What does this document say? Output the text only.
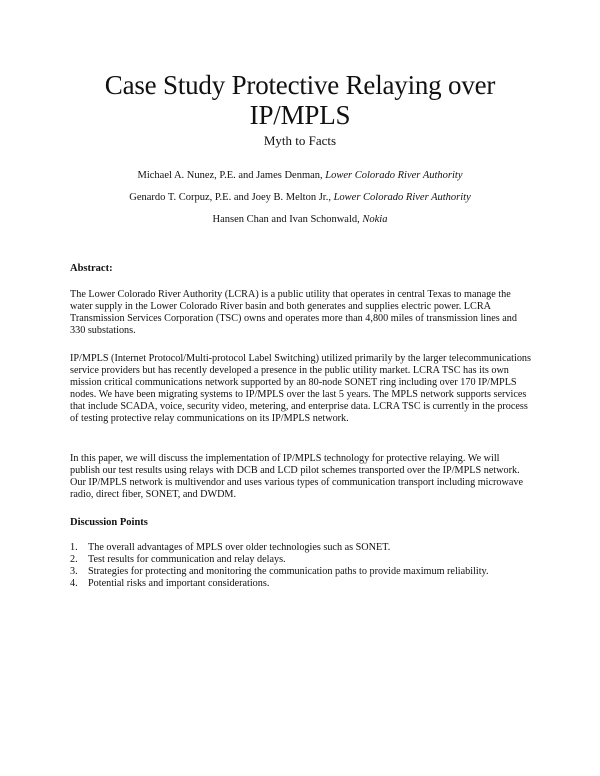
Case Study Protective Relaying over
IP/MPLS
Myth to Facts
Michael A. Nunez, P.E. and James Denman, Lower Colorado River Authority
Genardo T. Corpuz, P.E. and Joey B. Melton Jr., Lower Colorado River Authority
Hansen Chan and Ivan Schonwald, Nokia
Abstract:

The Lower Colorado River Authority (LCRA) is a public utility that operates in central Texas to manage the water supply in the Lower Colorado River basin and both generates and supplies electric power. LCRA Transmission Services Corporation (TSC) owns and operates more than 4,800 miles of transmission lines and 330 substations.

IP/MPLS (Internet Protocol/Multi-protocol Label Switching) utilized primarily by the larger telecommunications service providers but has recently developed a presence in the public utility market. LCRA TSC has its own mission critical communications network supported by an 80-node SONET ring including over 170 IP/MPLS nodes. We have been migrating systems to IP/MPLS over the last 5 years. The MPLS network supports services that include SCADA, voice, security video, metering, and enterprise data. LCRA TSC is currently in the process of testing protective relay communications on its IP/MPLS network.

In this paper, we will discuss the implementation of IP/MPLS technology for protective relaying. We will publish our test results using relays with DCB and LCD pilot schemes transported over the IP/MPLS network. Our IP/MPLS network is multivendor and uses various types of communication transport including microwave radio, direct fiber, SONET, and DWDM.

Discussion Points
1.	The overall advantages of MPLS over older technologies such as SONET.
2.	Test results for communication and relay delays.
3.	Strategies for protecting and monitoring the communication paths to provide maximum reliability.
4.	Potential risks and important considerations.
